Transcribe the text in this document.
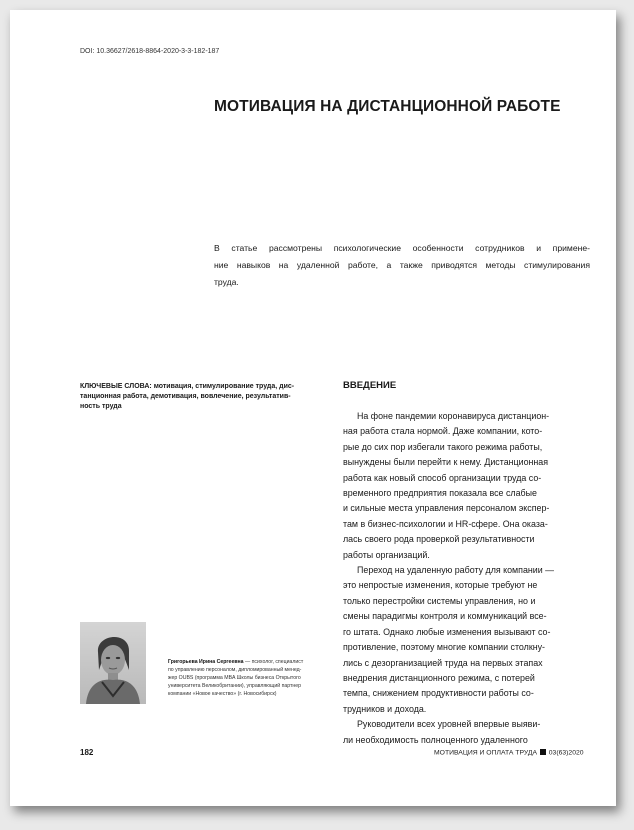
DOI: 10.36627/2618-8864-2020-3-3-182-187
МОТИВАЦИЯ НА ДИСТАНЦИОННОЙ РАБОТЕ
В статье рассмотрены психологические особенности сотрудников и примене-
ние навыков на удаленной работе, а также приводятся методы стимулирования
труда.
КЛЮЧЕВЫЕ СЛОВА: мотивация, стимулирование труда, дис-
танционная работа, демотивация, вовлечение, результатив-
ность труда
ВВЕДЕНИЕ

На фоне пандемии коронавируса дистанцион-
ная работа стала нормой. Даже компании, кото-
рые до сих пор избегали такого режима работы,
вынуждены были перейти к нему. Дистанционная
работа как новый способ организации труда со-
временного предприятия показала все слабые
и сильные места управления персоналом экспер-
там в бизнес-психологии и HR-сфере. Она оказа-
лась своего рода проверкой результативности
работы организаций.

Переход на удаленную работу для компании —
это непростые изменения, которые требуют не
только перестройки системы управления, но и
смены парадигмы контроля и коммуникаций все-
го штата. Однако любые изменения вызывают со-
противление, поэтому многие компании столкну-
лись с дезорганизацией труда на первых этапах
внедрения дистанционного режима, с потерей
темпа, снижением продуктивности работы со-
трудников и дохода.

Руководители всех уровней впервые выяви-
ли необходимость полноценного удаленного

Григорьева Ирина Сергеевна — психолог, специалист
по управлению персоналом, дипломированный менед-
жер OUBS (программа MBA Школы бизнеса Открытого
университета Великобритании), управляющий партнер
компании «Новое качество» (г. Новосибирск)
182	МОТИВАЦИЯ И ОПЛАТА ТРУДА 03(63)2020
